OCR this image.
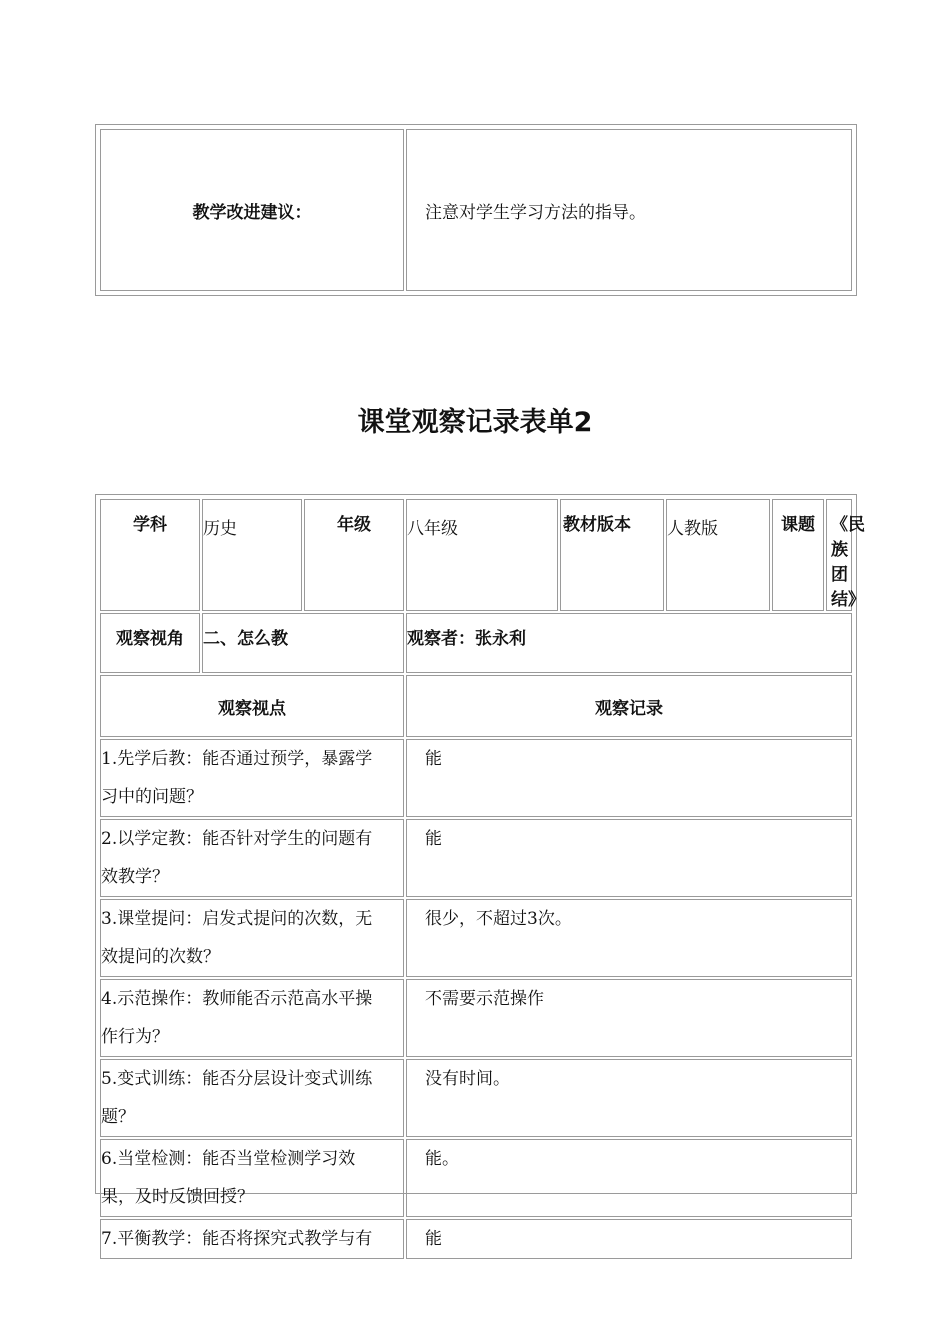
教学改进建议：	注意对学生学习方法的指导。
课堂观察记录表单2
学科	历史	年级	八年级	教材版本	人教版	课题	《民族团结》
观察视角	二、怎么教		观察者：张永利				
观察视点			观察记录				

1.先学后教：能否通过预学，暴露学
习中的问题？			能				

2.以学定教：能否针对学生的问题有
效教学？			能				

3.课堂提问：启发式提问的次数，无
效提问的次数？			很少，不超过3次。				

4.示范操作：教师能否示范高水平操
作行为？			不需要示范操作				

5.变式训练：能否分层设计变式训练
题？			没有时间。				

6.当堂检测：能否当堂检测学习效
果，及时反馈回授？			能。				

7.平衡教学：能否将探究式教学与有			能				
